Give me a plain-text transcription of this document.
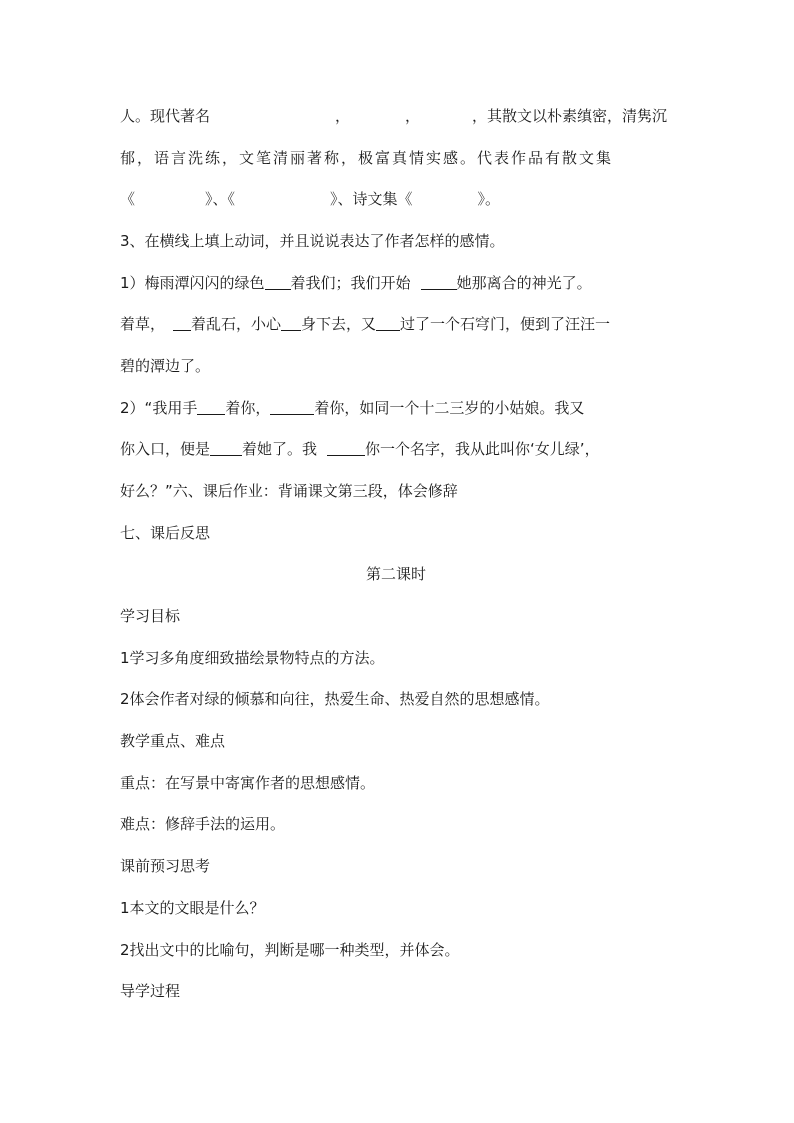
人。现代著名	，	，	，其散文以朴素缜密，清隽沉
郁，语言洗练，文笔清丽著称，极富真情实感。代表作品有散文集
《	》、《	》、诗文集《	》。
3、在横线上填上动词，并且说说表达了作者怎样的感情。
1）梅雨潭闪闪的绿色 着我们；我们开始	她那离合的神光了。
着草， 着乱石，小心 身下去，又 过了一个石穹门，便到了汪汪一
碧的潭边了。
2）“我用手 着你，	着你，如同一个十二三岁的小姑娘。我又
你入口，便是 着她了。我	你一个名字，我从此叫你‘女儿绿’，
好么？”六、课后作业：背诵课文第三段，体会修辞
七、课后反思
第二课时
学习目标
1学习多角度细致描绘景物特点的方法。
2体会作者对绿的倾慕和向往，热爱生命、热爱自然的思想感情。
教学重点、难点
重点：在写景中寄寓作者的思想感情。
难点：修辞手法的运用。
课前预习思考
1本文的文眼是什么？
2找出文中的比喻句，判断是哪一种类型，并体会。
导学过程
